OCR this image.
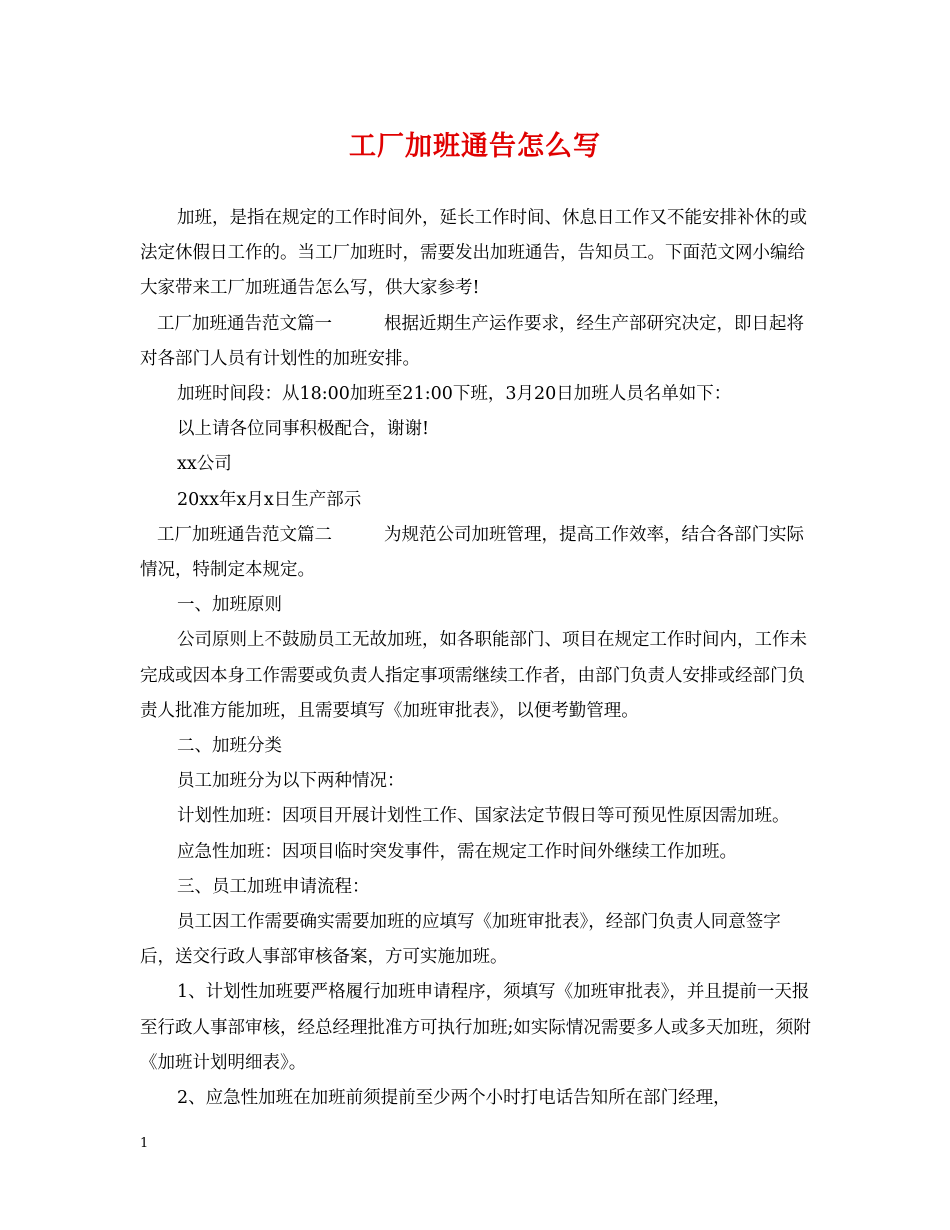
工厂加班通告怎么写

加班，是指在规定的工作时间外，延长工作时间、休息日工作又不能安排补休的或法定休假日工作的。当工厂加班时，需要发出加班通告，告知员工。下面范文网小编给大家带来工厂加班通告怎么写，供大家参考!

工厂加班通告范文篇一	根据近期生产运作要求，经生产部研究决定，即日起将对各部门人员有计划性的加班安排。

加班时间段：从18:00加班至21:00下班，3月20日加班人员名单如下：

以上请各位同事积极配合，谢谢!

xx公司

20xx年x月x日生产部示

工厂加班通告范文篇二	为规范公司加班管理，提高工作效率，结合各部门实际情况，特制定本规定。

一、加班原则

公司原则上不鼓励员工无故加班，如各职能部门、项目在规定工作时间内，工作未完成或因本身工作需要或负责人指定事项需继续工作者，由部门负责人安排或经部门负责人批准方能加班，且需要填写《加班审批表》，以便考勤管理。

二、加班分类

员工加班分为以下两种情况：

计划性加班：因项目开展计划性工作、国家法定节假日等可预见性原因需加班。

应急性加班：因项目临时突发事件，需在规定工作时间外继续工作加班。

三、员工加班申请流程：

员工因工作需要确实需要加班的应填写《加班审批表》，经部门负责人同意签字后，送交行政人事部审核备案，方可实施加班。

1、计划性加班要严格履行加班申请程序，须填写《加班审批表》，并且提前一天报至行政人事部审核，经总经理批准方可执行加班;如实际情况需要多人或多天加班，须附《加班计划明细表》。

2、应急性加班在加班前须提前至少两个小时打电话告知所在部门经理，

1
